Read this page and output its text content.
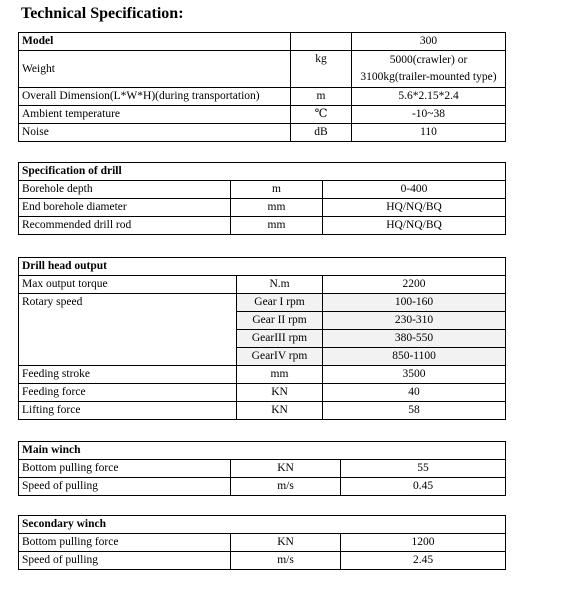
Technical Specification:
Model		300
Weight	kg	5000(crawler) or
3100kg(trailer-mounted type)

Overall Dimension(L*W*H)(during transportation)	m	5.6*2.15*2.4
Ambient temperature	℃	-10~38
Noise	dB	110
Specification of drill		
Borehole depth	m	0-400
End borehole diameter	mm	HQ/NQ/BQ
Recommended drill rod	mm	HQ/NQ/BQ
Drill head output		
Max output torque	N.m	2200
Rotary speed	Gear I rpm	100-160
	Gear II rpm	230-310
	GearIII rpm	380-550
	GearIV rpm	850-1100
Feeding stroke	mm	3500
Feeding force	KN	40
Lifting force	KN	58
Main winch		
Bottom pulling force	KN	55
Speed of pulling	m/s	0.45
Secondary winch		
Bottom pulling force	KN	1200
Speed of pulling	m/s	2.45
